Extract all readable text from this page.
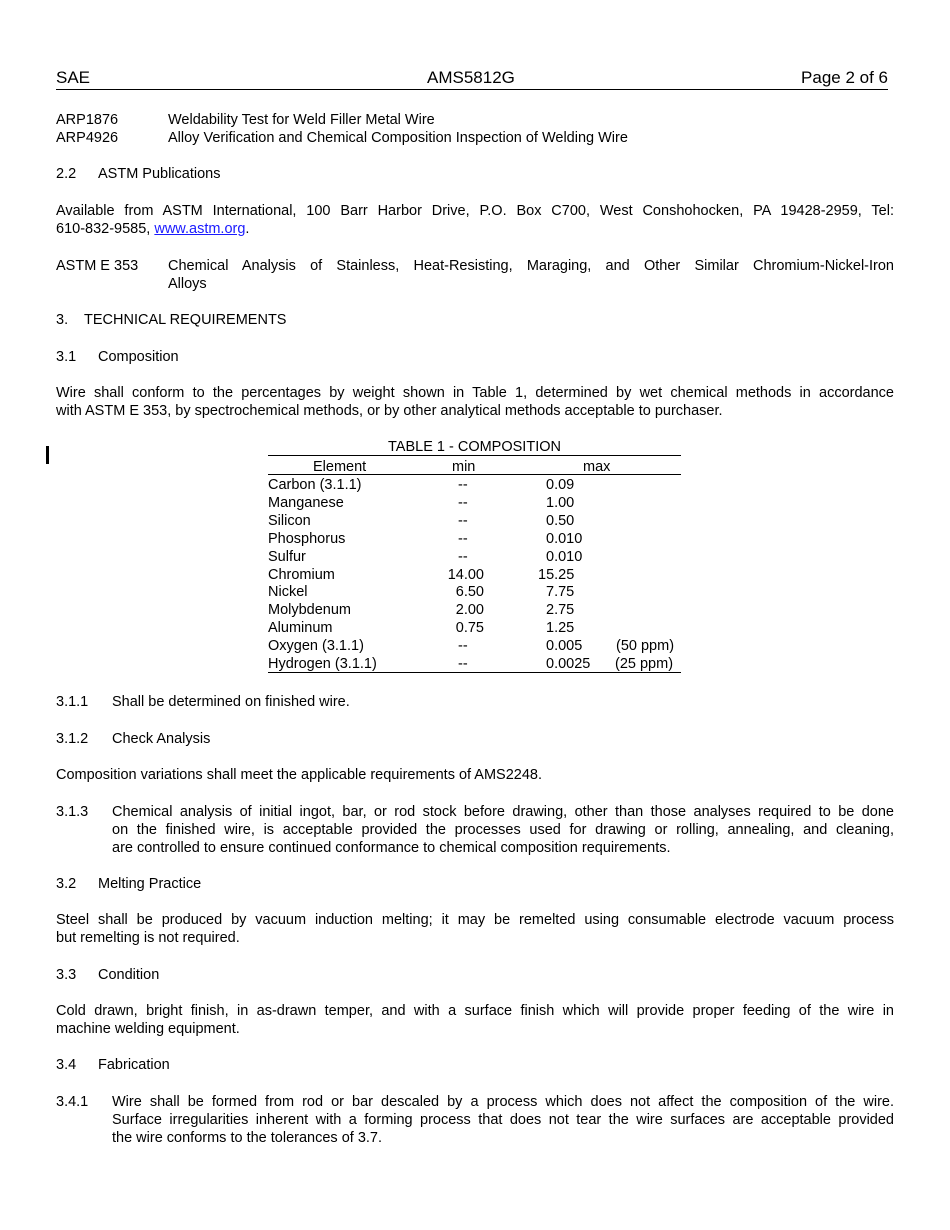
SAE	AMS5812G	Page 2 of 6
ARP1876	Weldability Test for Weld Filler Metal Wire
ARP4926	Alloy Verification and Chemical Composition Inspection of Welding Wire
2.2 ASTM Publications
Available from ASTM International, 100 Barr Harbor Drive, P.O. Box C700, West Conshohocken, PA 19428-2959, Tel:
610-832-9585, www.astm.org.
ASTM E 353 Chemical Analysis of Stainless, Heat-Resisting, Maraging, and Other Similar Chromium-Nickel-Iron
Alloys
3. TECHNICAL REQUIREMENTS
3.1 Composition
Wire shall conform to the percentages by weight shown in Table 1, determined by wet chemical methods in accordance
with ASTM E 353, by spectrochemical methods, or by other analytical methods acceptable to purchaser.
TABLE 1 - COMPOSITION
Element	min	max
Carbon (3.1.1)	--	0.09
Manganese	--	1.00
Silicon	--	0.50
Phosphorus	--	0.010
Sulfur	--	0.010
Chromium	14.00	15.25
Nickel	6.50	7.75
Molybdenum	2.00	2.75
Aluminum	0.75	1.25
Oxygen (3.1.1)	--	0.005 (50 ppm)
Hydrogen (3.1.1)	--	0.0025 (25 ppm)
3.1.1 Shall be determined on finished wire.
3.1.2 Check Analysis
Composition variations shall meet the applicable requirements of AMS2248.
3.1.3 Chemical analysis of initial ingot, bar, or rod stock before drawing, other than those analyses required to be done
on the finished wire, is acceptable provided the processes used for drawing or rolling, annealing, and cleaning,
are controlled to ensure continued conformance to chemical composition requirements.
3.2 Melting Practice
Steel shall be produced by vacuum induction melting; it may be remelted using consumable electrode vacuum process
but remelting is not required.
3.3 Condition
Cold drawn, bright finish, in as-drawn temper, and with a surface finish which will provide proper feeding of the wire in
machine welding equipment.
3.4 Fabrication
3.4.1 Wire shall be formed from rod or bar descaled by a process which does not affect the composition of the wire.
Surface irregularities inherent with a forming process that does not tear the wire surfaces are acceptable provided
the wire conforms to the tolerances of 3.7.
